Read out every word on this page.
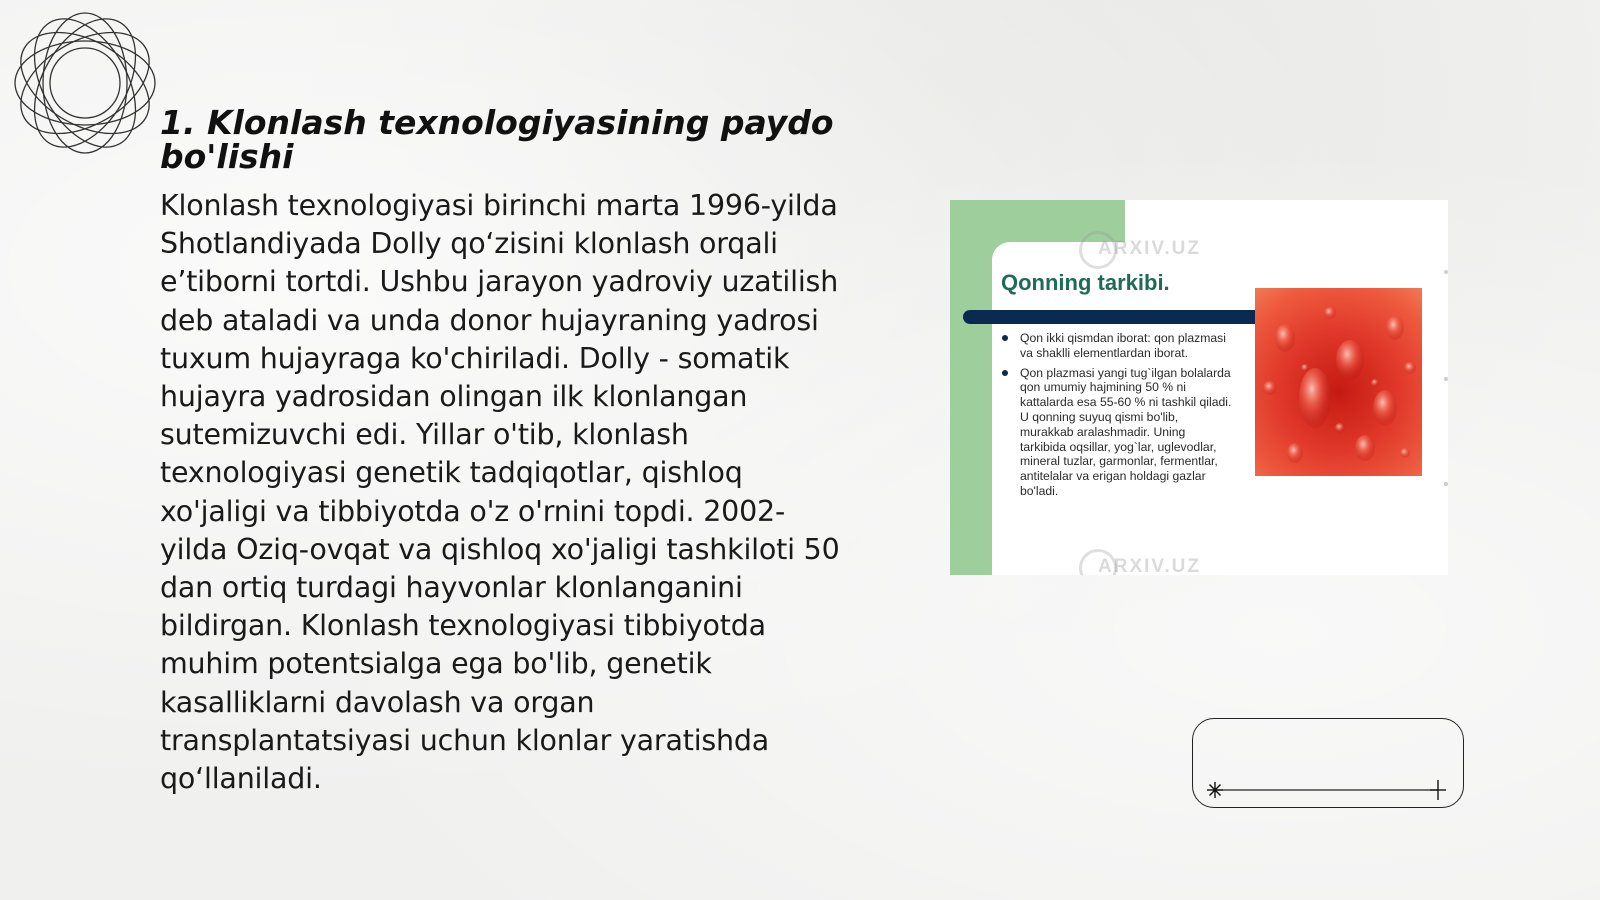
1. Klonlash texnologiyasining paydo bo'lishi

Klonlash texnologiyasi birinchi marta 1996-yilda Shotlandiyada Dolly qo‘zisini klonlash orqali e’tiborni tortdi. Ushbu jarayon yadroviy uzatilish deb ataladi va unda donor hujayraning yadrosi tuxum hujayraga ko'chiriladi. Dolly - somatik hujayra yadrosidan olingan ilk klonlangan sutemizuvchi edi. Yillar o'tib, klonlash texnologiyasi genetik tadqiqotlar, qishloq xo'jaligi va tibbiyotda o'z o'rnini topdi. 2002-yilda Oziq-ovqat va qishloq xo'jaligi tashkiloti 50 dan ortiq turdagi hayvonlar klonlanganini bildirgan. Klonlash texnologiyasi tibbiyotda muhim potentsialga ega bo'lib, genetik kasalliklarni davolash va organ transplantatsiyasi uchun klonlar yaratishda qo‘llaniladi.

ARXIV.UZ
Qonning tarkibi.
Qon ikki qismdan iborat: qon plazmasi va shaklli elementlardan iborat.
Qon plazmasi yangi tug`ilgan bolalarda qon umumiy hajmining 50 % ni kattalarda esa 55-60 % ni tashkil qiladi. U qonning suyuq qismi bo'lib, murakkab aralashmadir. Uning tarkibida oqsillar, yog`lar, uglevodlar, mineral tuzlar, garmonlar, fermentlar, antitelalar va erigan holdagi gazlar bo'ladi.
ARXIV.UZ
